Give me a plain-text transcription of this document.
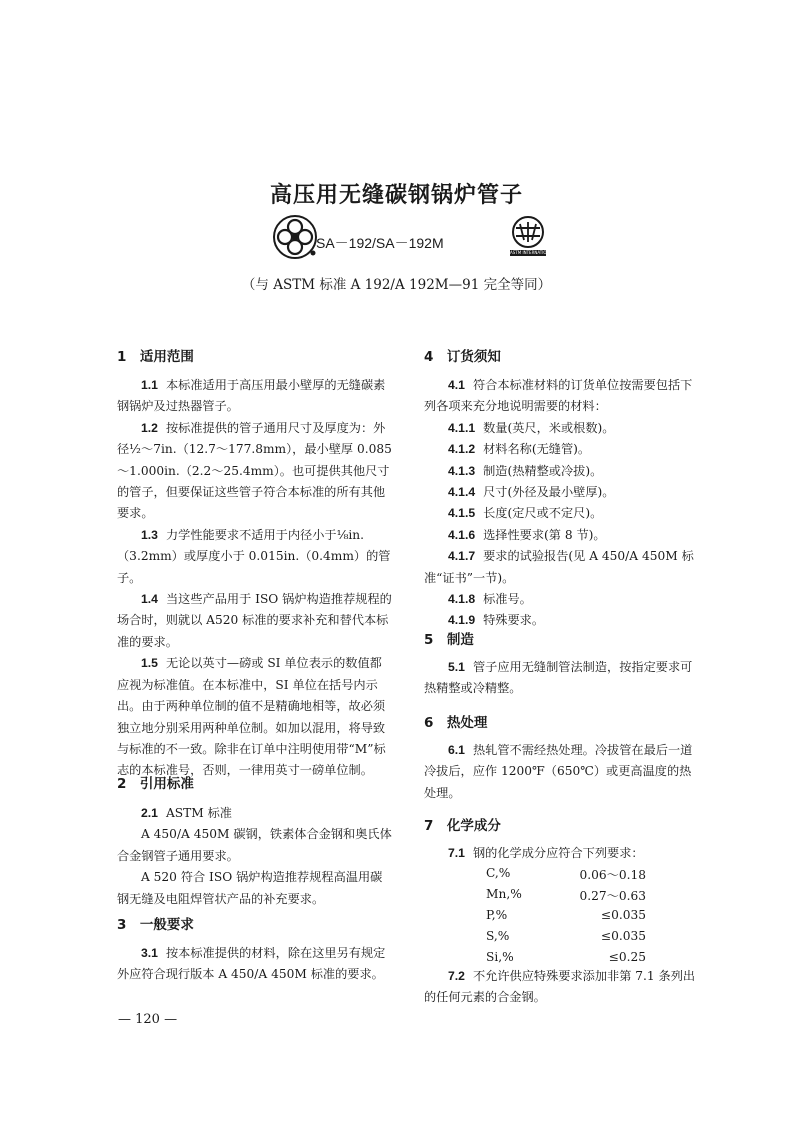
高压用无缝碳钢锅炉管子
SA－192/SA－192M
ASTM INTERNATIONAL
（与 ASTM 标准 A 192/A 192M—91 完全等同）
1　适用范围

1.1 本标准适用于高压用最小壁厚的无缝碳素钢锅炉及过热器管子。

1.2 按标准提供的管子通用尺寸及厚度为：外径½～7in.（12.7～177.8mm），最小壁厚 0.085～1.000in.（2.2～25.4mm）。也可提供其他尺寸的管子，但要保证这些管子符合本标准的所有其他要求。

1.3 力学性能要求不适用于内径小于⅛in.（3.2mm）或厚度小于 0.015in.（0.4mm）的管子。

1.4 当这些产品用于 ISO 锅炉构造推荐规程的场合时，则就以 A520 标准的要求补充和替代本标准的要求。

1.5 无论以英寸—磅或 SI 单位表示的数值都应视为标准值。在本标准中，SI 单位在括号内示出。由于两种单位制的值不是精确地相等，故必须独立地分别采用两种单位制。如加以混用，将导致与标准的不一致。除非在订单中注明使用带“M”标志的本标准号，否则，一律用英寸一磅单位制。

2　引用标准

2.1 ASTM 标准

A 450/A 450M 碳钢，铁素体合金钢和奥氏体合金钢管子通用要求。

A 520 符合 ISO 锅炉构造推荐规程高温用碳钢无缝及电阻焊管状产品的补充要求。

3　一般要求

3.1 按本标准提供的材料，除在这里另有规定外应符合现行版本 A 450/A 450M 标准的要求。

4　订货须知

4.1 符合本标准材料的订货单位按需要包括下列各项来充分地说明需要的材料：

4.1.1 数量(英尺，米或根数)。

4.1.2 材料名称(无缝管)。

4.1.3 制造(热精整或冷拔)。

4.1.4 尺寸(外径及最小壁厚)。

4.1.5 长度(定尺或不定尺)。

4.1.6 选择性要求(第 8 节)。

4.1.7 要求的试验报告(见 A 450/A 450M 标准“证书”一节)。

4.1.8 标准号。

4.1.9 特殊要求。

5　制造

5.1 管子应用无缝制管法制造，按指定要求可热精整或冷精整。

6　热处理

6.1 热轧管不需经热处理。冷拔管在最后一道冷拔后，应作 1200℉（650℃）或更高温度的热处理。

7　化学成分

7.1 钢的化学成分应符合下列要求：

C,%	0.06～0.18
Mn,%	0.27～0.63
P,%	≤0.035
S,%	≤0.035
Si,%	≤0.25

7.2 不允许供应特殊要求添加非第 7.1 条列出的任何元素的合金钢。

— 120 —
